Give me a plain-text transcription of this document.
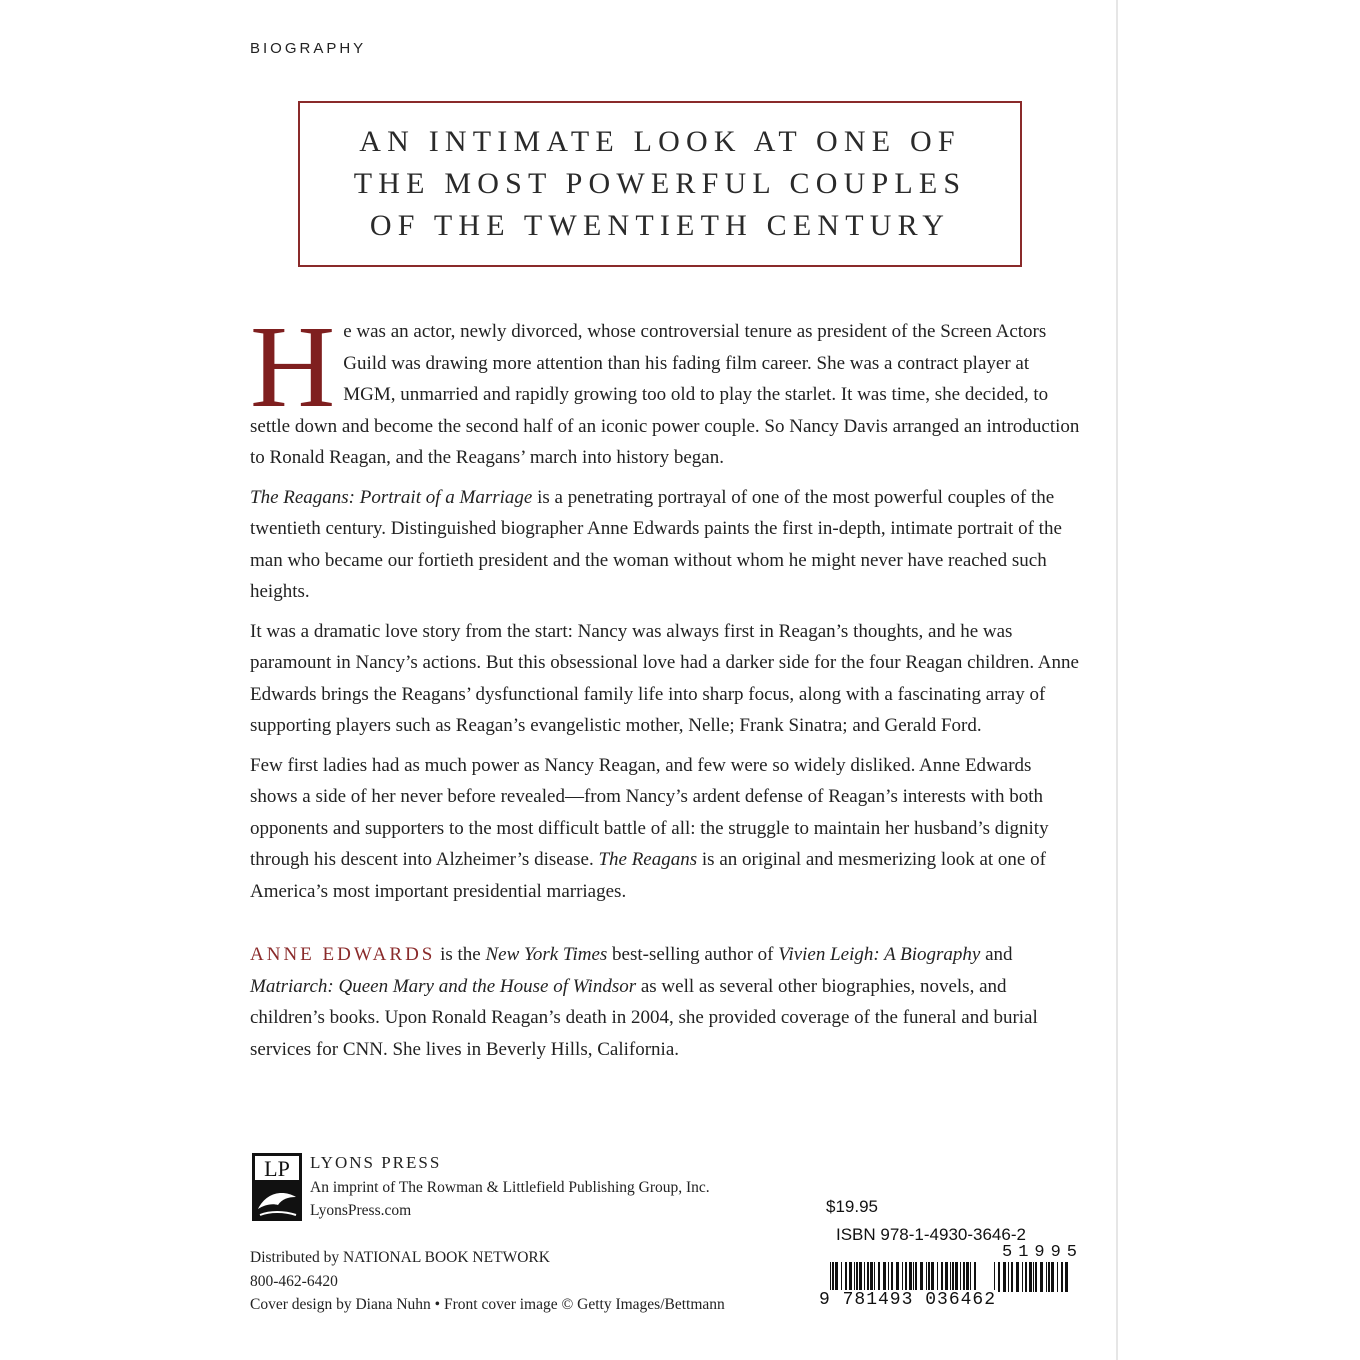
BIOGRAPHY
AN INTIMATE LOOK AT ONE OF
THE MOST POWERFUL COUPLES
OF THE TWENTIETH CENTURY

He was an actor, newly divorced, whose controversial tenure as president of the Screen Actors Guild was drawing more attention than his fading film career. She was a contract player at MGM, unmarried and rapidly growing too old to play the starlet. It was time, she decided, to settle down and become the second half of an iconic power couple. So Nancy Davis arranged an introduction to Ronald Reagan, and the Reagans’ march into history began.

The Reagans: Portrait of a Marriage is a penetrating portrayal of one of the most powerful couples of the twentieth century. Distinguished biographer Anne Edwards paints the first in-depth, intimate portrait of the man who became our fortieth president and the woman without whom he might never have reached such heights.

It was a dramatic love story from the start: Nancy was always first in Reagan’s thoughts, and he was paramount in Nancy’s actions. But this obsessional love had a darker side for the four Reagan children. Anne Edwards brings the Reagans’ dysfunctional family life into sharp focus, along with a fascinating array of supporting players such as Reagan’s evangelistic mother, Nelle; Frank Sinatra; and Gerald Ford.

Few first ladies had as much power as Nancy Reagan, and few were so widely disliked. Anne Edwards shows a side of her never before revealed—from Nancy’s ardent defense of Reagan’s interests with both opponents and supporters to the most difficult battle of all: the struggle to maintain her husband’s dignity through his descent into Alzheimer’s disease. The Reagans is an original and mesmerizing look at one of America’s most important presidential marriages.

ANNE EDWARDS is the New York Times best-selling author of Vivien Leigh: A Biography and Matriarch: Queen Mary and the House of Windsor as well as several other biographies, novels, and children’s books. Upon Ronald Reagan’s death in 2004, she provided coverage of the funeral and burial services for CNN. She lives in Beverly Hills, California.

LP LYONS PRESS
An imprint of The Rowman & Littlefield Publishing Group, Inc.
LyonsPress.com
Distributed by NATIONAL BOOK NETWORK
800-462-6420
Cover design by Diana Nuhn • Front cover image © Getty Images/Bettmann
$19.95
ISBN 978-1-4930-3646-2
51995
9 781493 036462
